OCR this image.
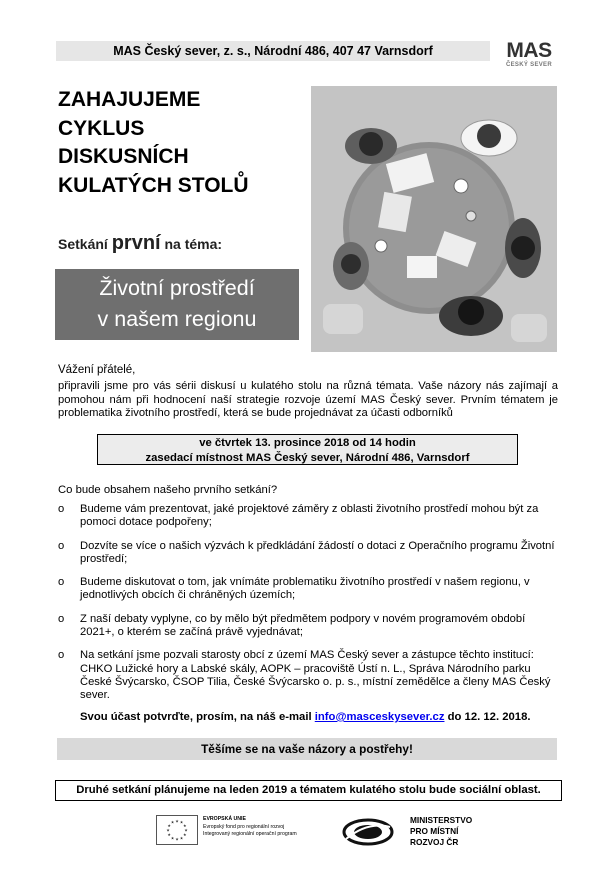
MAS Český sever, z. s., Národní 486, 407 47 Varnsdorf	MAS
ČESKÝ SEVER
ZAHAJUJEME
CYKLUS
DISKUSNÍCH
KULATÝCH STOLŮ
Setkání první na téma:
Životní prostředí
v našem regionu
Vážení přátelé,
připravili jsme pro vás sérii diskusí u kulatého stolu na různá témata. Vaše názory nás zajímají a pomohou nám při hodnocení naší strategie rozvoje území MAS Český sever. Prvním tématem je problematika životního prostředí, která se bude projednávat za účasti odborníků
ve čtvrtek 13. prosince 2018 od 14 hodin
zasedací místnost MAS Český sever, Národní 486, Varnsdorf
Co bude obsahem našeho prvního setkání?
o Budeme vám prezentovat, jaké projektové záměry z oblasti životního prostředí mohou být za pomoci dotace podpořeny;
o Dozvíte se více o našich výzvách k předkládání žádostí o dotaci z Operačního programu Životní prostředí;
o Budeme diskutovat o tom, jak vnímáte problematiku životního prostředí v našem regionu, v jednotlivých obcích či chráněných územích;
o Z naší debaty vyplyne, co by mělo být předmětem podpory v novém programovém období 2021+, o kterém se začíná právě vyjednávat;
o Na setkání jsme pozvali starosty obcí z území MAS Český sever a zástupce těchto institucí: CHKO Lužické hory a Labské skály, AOPK – pracoviště Ústí n. L., Správa Národního parku České Švýcarsko, ČSOP Tilia, České Švýcarsko o. p. s., místní zemědělce a členy MAS Český sever.
Svou účast potvrďte, prosím, na náš e-mail info@masceskysever.cz do 12. 12. 2018.
Těšíme se na vaše názory a postřehy!
Druhé setkání plánujeme na leden 2019 a tématem kulatého stolu bude sociální oblast.
★
★
★
★
★
★
★
★
★ ★ ★
★
EVROPSKÁ UNIE
Evropský fond pro regionální rozvoj
Integrovaný regionální operační program
MINISTERSTVO
PRO MÍSTNÍ
ROZVOJ ČR
